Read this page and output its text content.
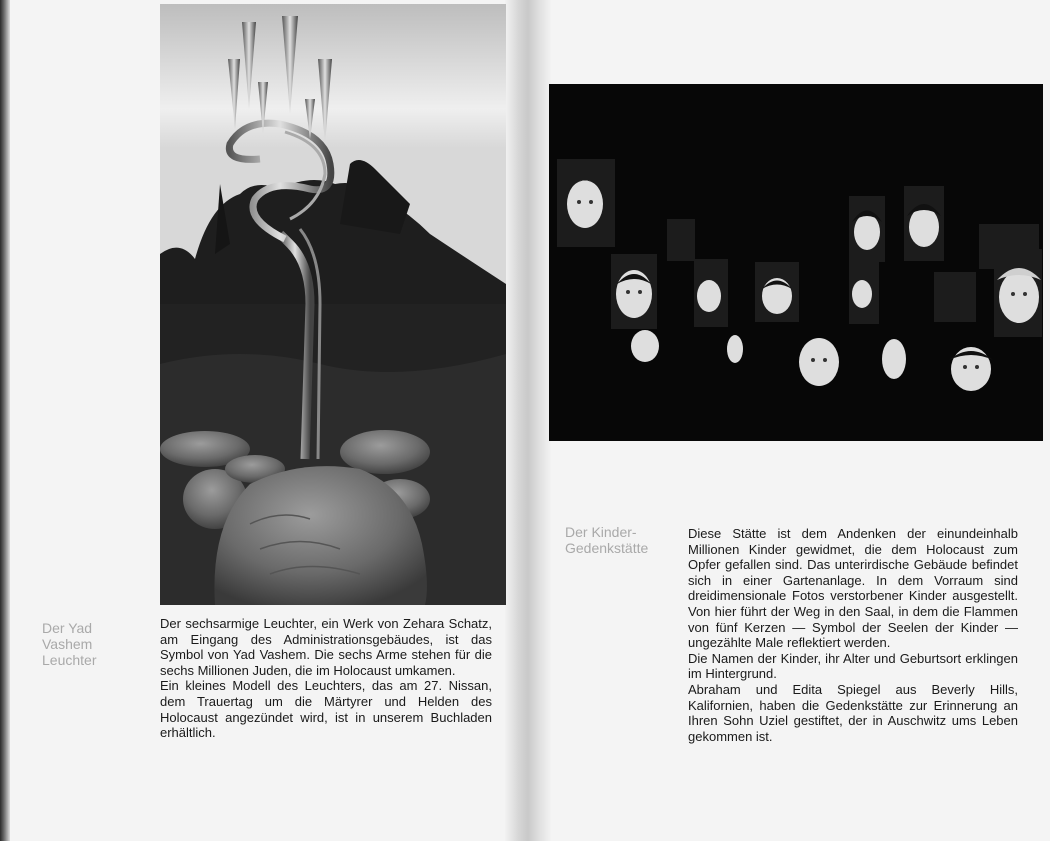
Der Yad
Vashem
Leuchter

Der sechsarmige Leuchter, ein Werk von Zehara Schatz, am Eingang des Administrationsgebäudes, ist das Symbol von Yad Vashem. Die sechs Arme stehen für die sechs Millionen Juden, die im Holocaust umkamen.

Ein kleines Modell des Leuchters, das am 27. Nissan, dem Trauertag um die Märtyrer und Helden des Holocaust angezündet wird, ist in unserem Buchladen erhältlich.

Der Kinder-
Gedenkstätte

Diese Stätte ist dem Andenken der einundeinhalb Millionen Kinder gewidmet, die dem Holocaust zum Opfer gefallen sind. Das unterirdische Gebäude befindet sich in einer Gartenanlage. In dem Vorraum sind dreidimensionale Fotos verstorbener Kinder ausgestellt. Von hier führt der Weg in den Saal, in dem die Flammen von fünf Kerzen — Symbol der Seelen der Kinder — ungezählte Male reflektiert werden.

Die Namen der Kinder, ihr Alter und Geburtsort erklingen im Hintergrund.

Abraham und Edita Spiegel aus Beverly Hills, Kalifornien, haben die Gedenkstätte zur Erinnerung an Ihren Sohn Uziel gestiftet, der in Auschwitz ums Leben gekommen ist.
